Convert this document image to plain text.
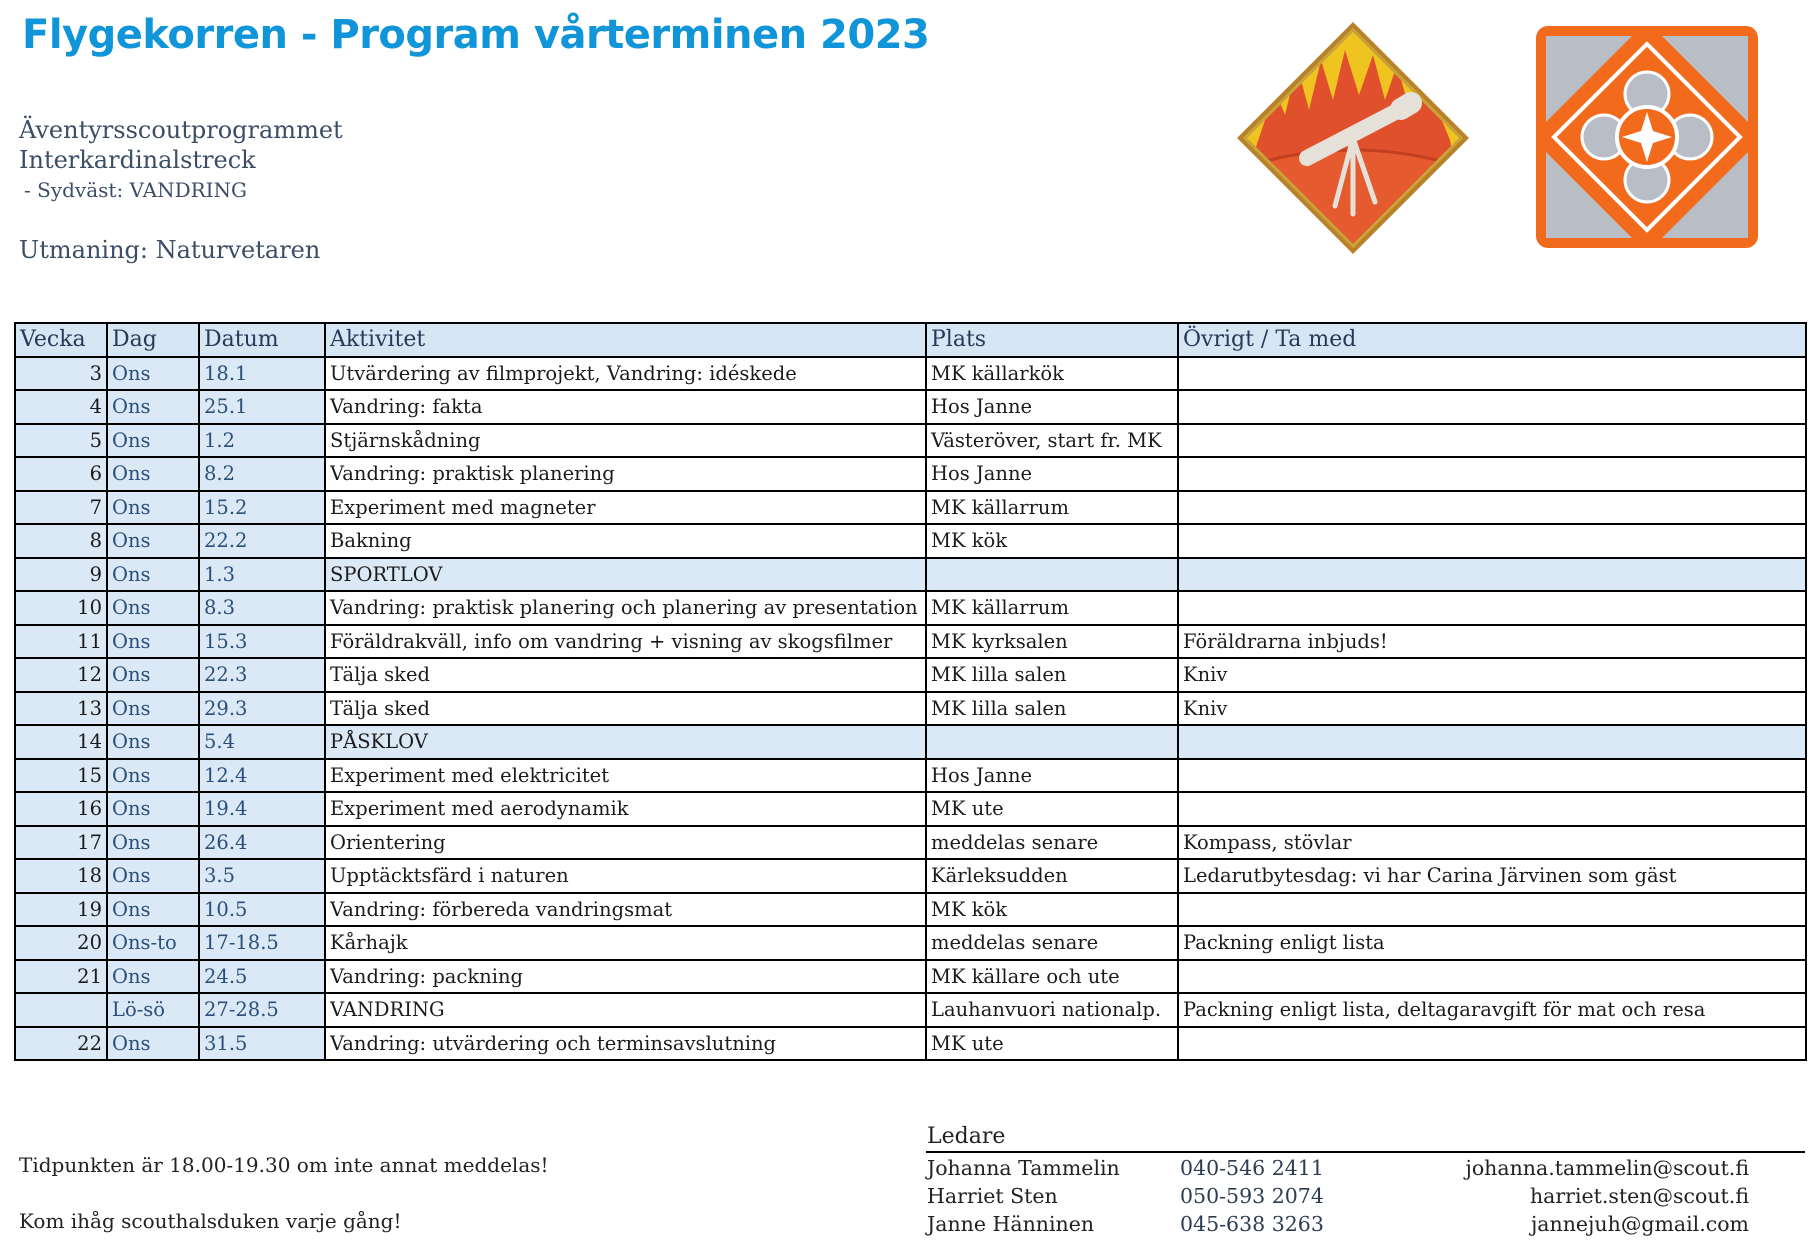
Flygekorren - Program vårterminen 2023
Äventyrsscoutprogrammet
Interkardinalstreck
- Sydväst: VANDRING
Utmaning: Naturvetaren
Vecka	Dag	Datum	Aktivitet	Plats	Övrigt / Ta med
3	Ons	18.1	Utvärdering av filmprojekt, Vandring: idéskede	MK källarkök	
4	Ons	25.1	Vandring: fakta	Hos Janne	
5	Ons	1.2	Stjärnskådning	Västeröver, start fr. MK	
6	Ons	8.2	Vandring: praktisk planering	Hos Janne	
7	Ons	15.2	Experiment med magneter	MK källarrum	
8	Ons	22.2	Bakning	MK kök	
9	Ons	1.3	SPORTLOV		
10	Ons	8.3	Vandring: praktisk planering och planering av presentation	MK källarrum	
11	Ons	15.3	Föräldrakväll, info om vandring + visning av skogsfilmer	MK kyrksalen	Föräldrarna inbjuds!
12	Ons	22.3	Tälja sked	MK lilla salen	Kniv
13	Ons	29.3	Tälja sked	MK lilla salen	Kniv
14	Ons	5.4	PÅSKLOV		
15	Ons	12.4	Experiment med elektricitet	Hos Janne	
16	Ons	19.4	Experiment med aerodynamik	MK ute	
17	Ons	26.4	Orientering	meddelas senare	Kompass, stövlar
18	Ons	3.5	Upptäcktsfärd i naturen	Kärleksudden	Ledarutbytesdag: vi har Carina Järvinen som gäst
19	Ons	10.5	Vandring: förbereda vandringsmat	MK kök	
20	Ons-to	17-18.5	Kårhajk	meddelas senare	Packning enligt lista
21	Ons	24.5	Vandring: packning	MK källare och ute	
	Lö-sö	27-28.5	VANDRING	Lauhanvuori nationalp.	Packning enligt lista, deltagaravgift för mat och resa
22	Ons	31.5	Vandring: utvärdering och terminsavslutning	MK ute	
Tidpunkten är 18.00-19.30 om inte annat meddelas!
Kom ihåg scouthalsduken varje gång!
Ledare
Johanna Tammelin	040-546 2411	johanna.tammelin@scout.fi
Harriet Sten	050-593 2074	harriet.sten@scout.fi
Janne Hänninen	045-638 3263	jannejuh@gmail.com
